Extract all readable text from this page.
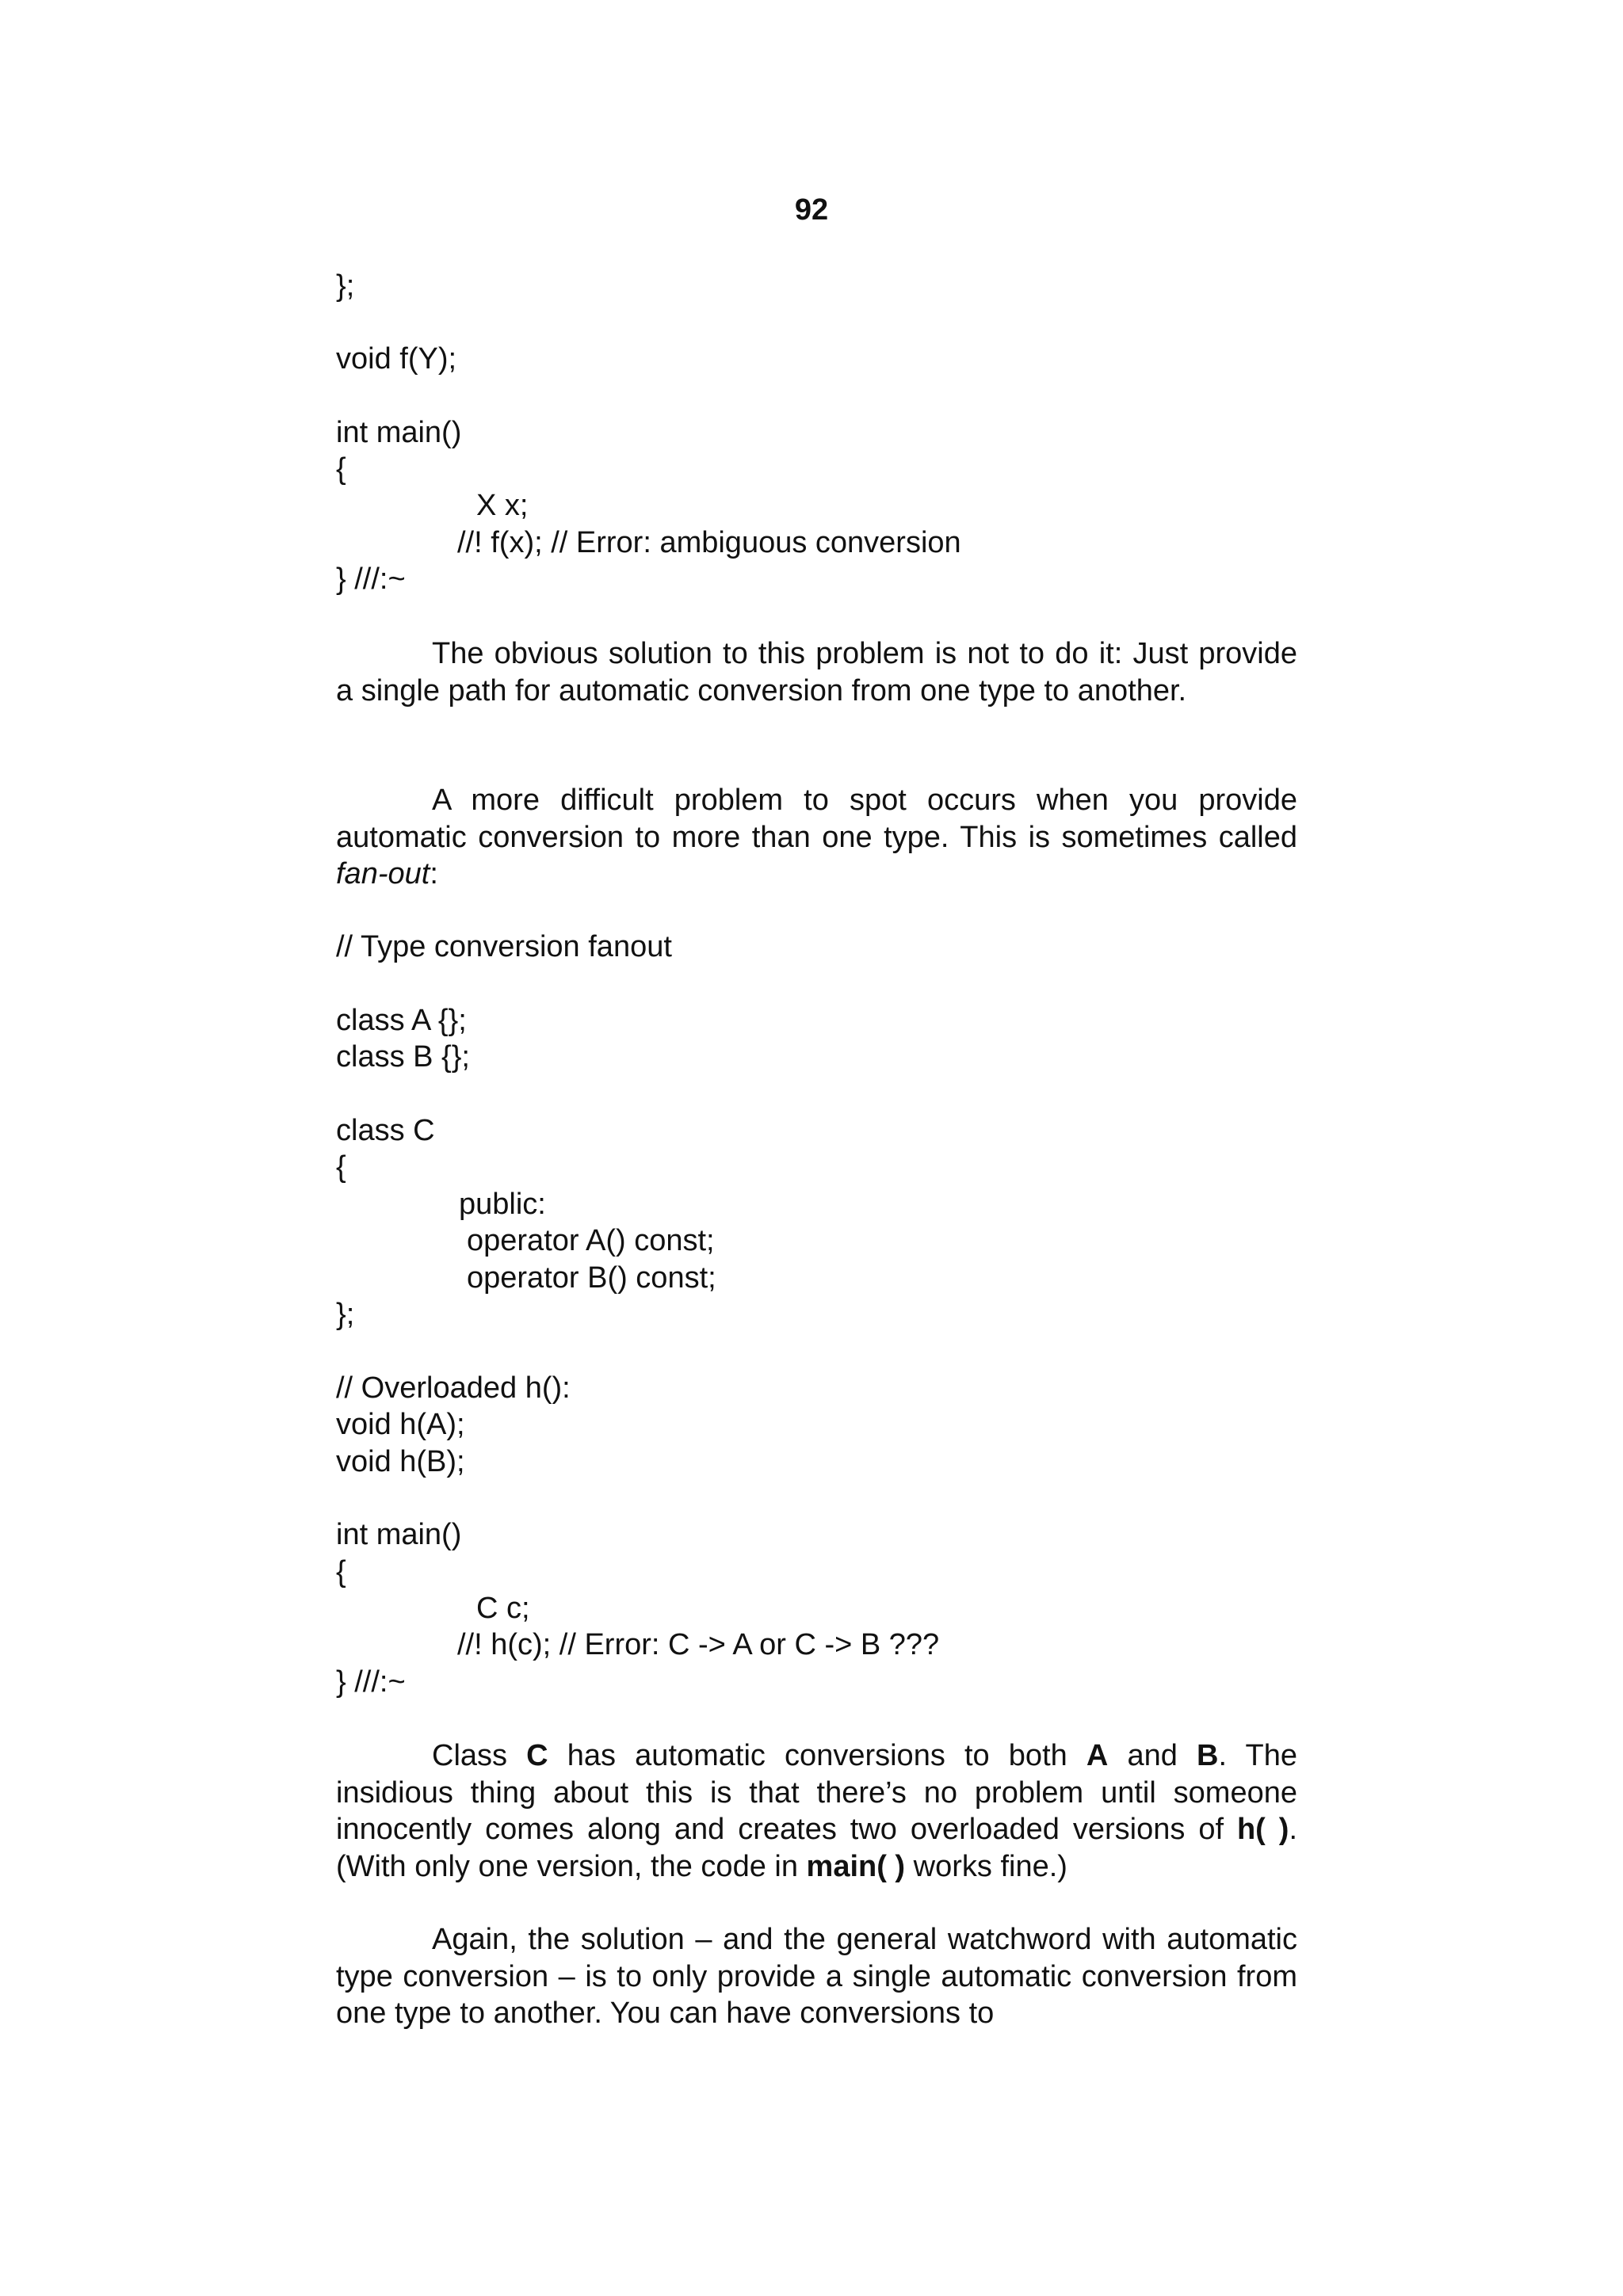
92
};
void f(Y);
int main()
{
X x;
//! f(x); // Error: ambiguous conversion
} ///:~

The obvious solution to this problem is not to do it: Just provide a single path for automatic conversion from one type to another.

A more difficult problem to spot occurs when you provide automatic conversion to more than one type. This is sometimes called fan-out:

// Type conversion fanout
class A {};
class B {};
class C
{
public:
operator A() const;
operator B() const;
};
// Overloaded h():
void h(A);
void h(B);
int main()
{
C c;
//! h(c); // Error: C -> A or C -> B ???
} ///:~

Class C has automatic conversions to both A and B. The insidious thing about this is that there’s no problem until someone innocently comes along and creates two overloaded versions of h( ). (With only one version, the code in main( ) works fine.)

Again, the solution – and the general watchword with automatic type conversion – is to only provide a single automatic conversion from one type to another. You can have conversions to
